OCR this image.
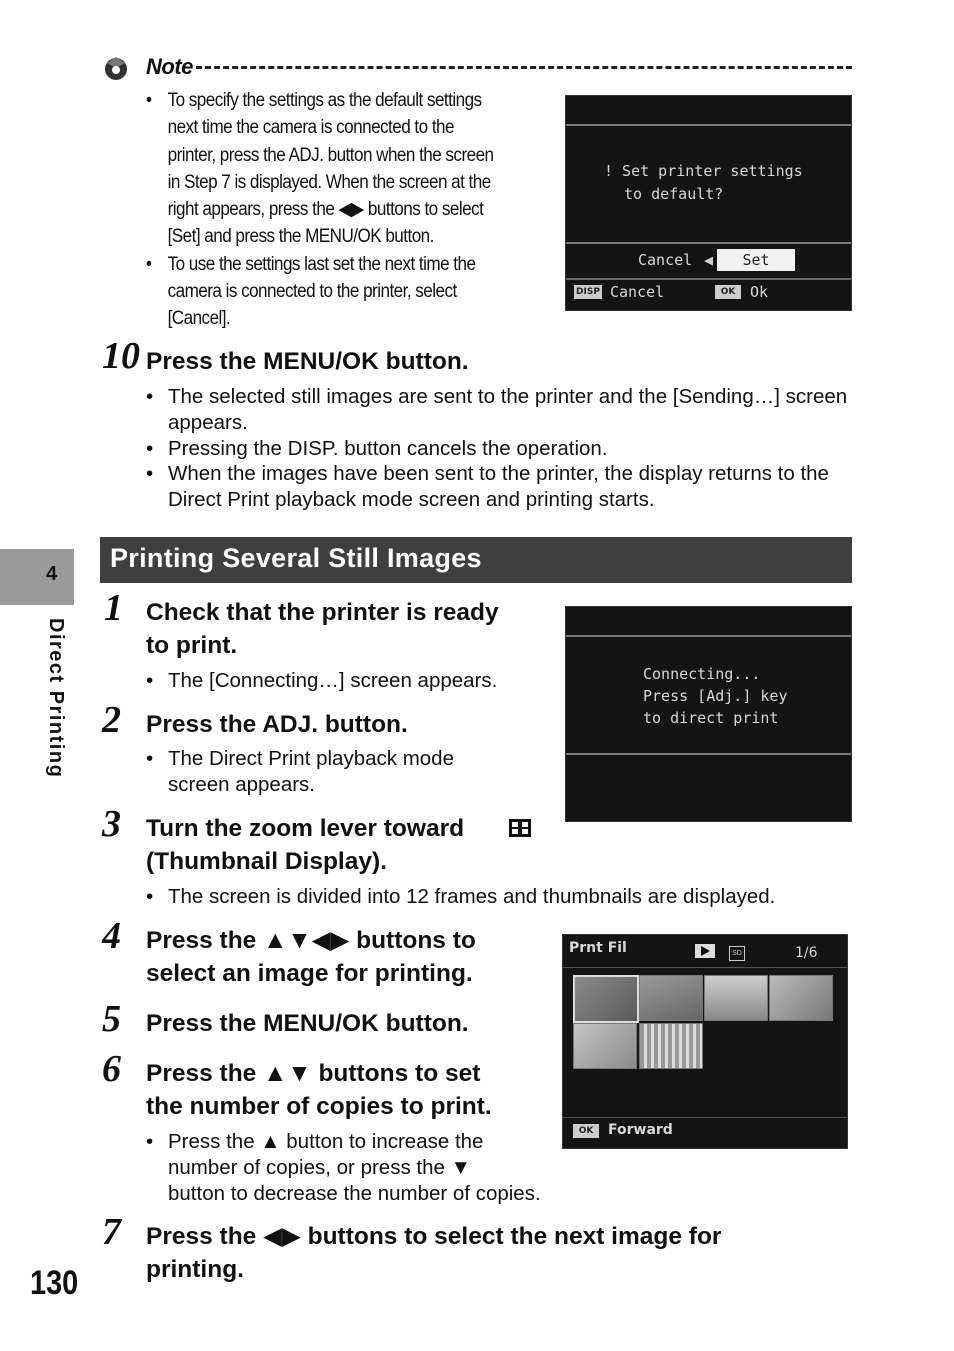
Note
• To specify the settings as the default settings
next time the camera is connected to the
printer, press the ADJ. button when the screen
in Step 7 is displayed. When the screen at the
right appears, press the ◀▶ buttons to select
[Set] and press the MENU/OK button.
• To use the settings last set the next time the
camera is connected to the printer, select
[Cancel].
! Set printer settings
to default?
Cancel ◀	Set
DISP Cancel	OK Ok
10 Press the MENU/OK button.
• The selected still images are sent to the printer and the [Sending…] screen appears.
• Pressing the DISP. button cancels the operation.
• When the images have been sent to the printer, the display returns to the Direct Print playback mode screen and printing starts.
Printing Several Still Images
4
Direct Printing
1 Check that the printer is ready
to print.
• The [Connecting…] screen appears.	Connecting...
Press [Adj.] key
to direct print
2 Press the ADJ. button.
• The Direct Print playback mode
screen appears.
3 Turn the zoom lever toward
(Thumbnail Display).
• The screen is divided into 12 frames and thumbnails are displayed.
4 Press the ▲▼◀▶ buttons to
select an image for printing.
Prnt Fil	SD	1/6
OK	Forward
5 Press the MENU/OK button.
6 Press the ▲▼ buttons to set
the number of copies to print.
• Press the ▲ button to increase the
number of copies, or press the ▼
button to decrease the number of copies.
7 Press the ◀▶ buttons to select the next image for
printing.
130
